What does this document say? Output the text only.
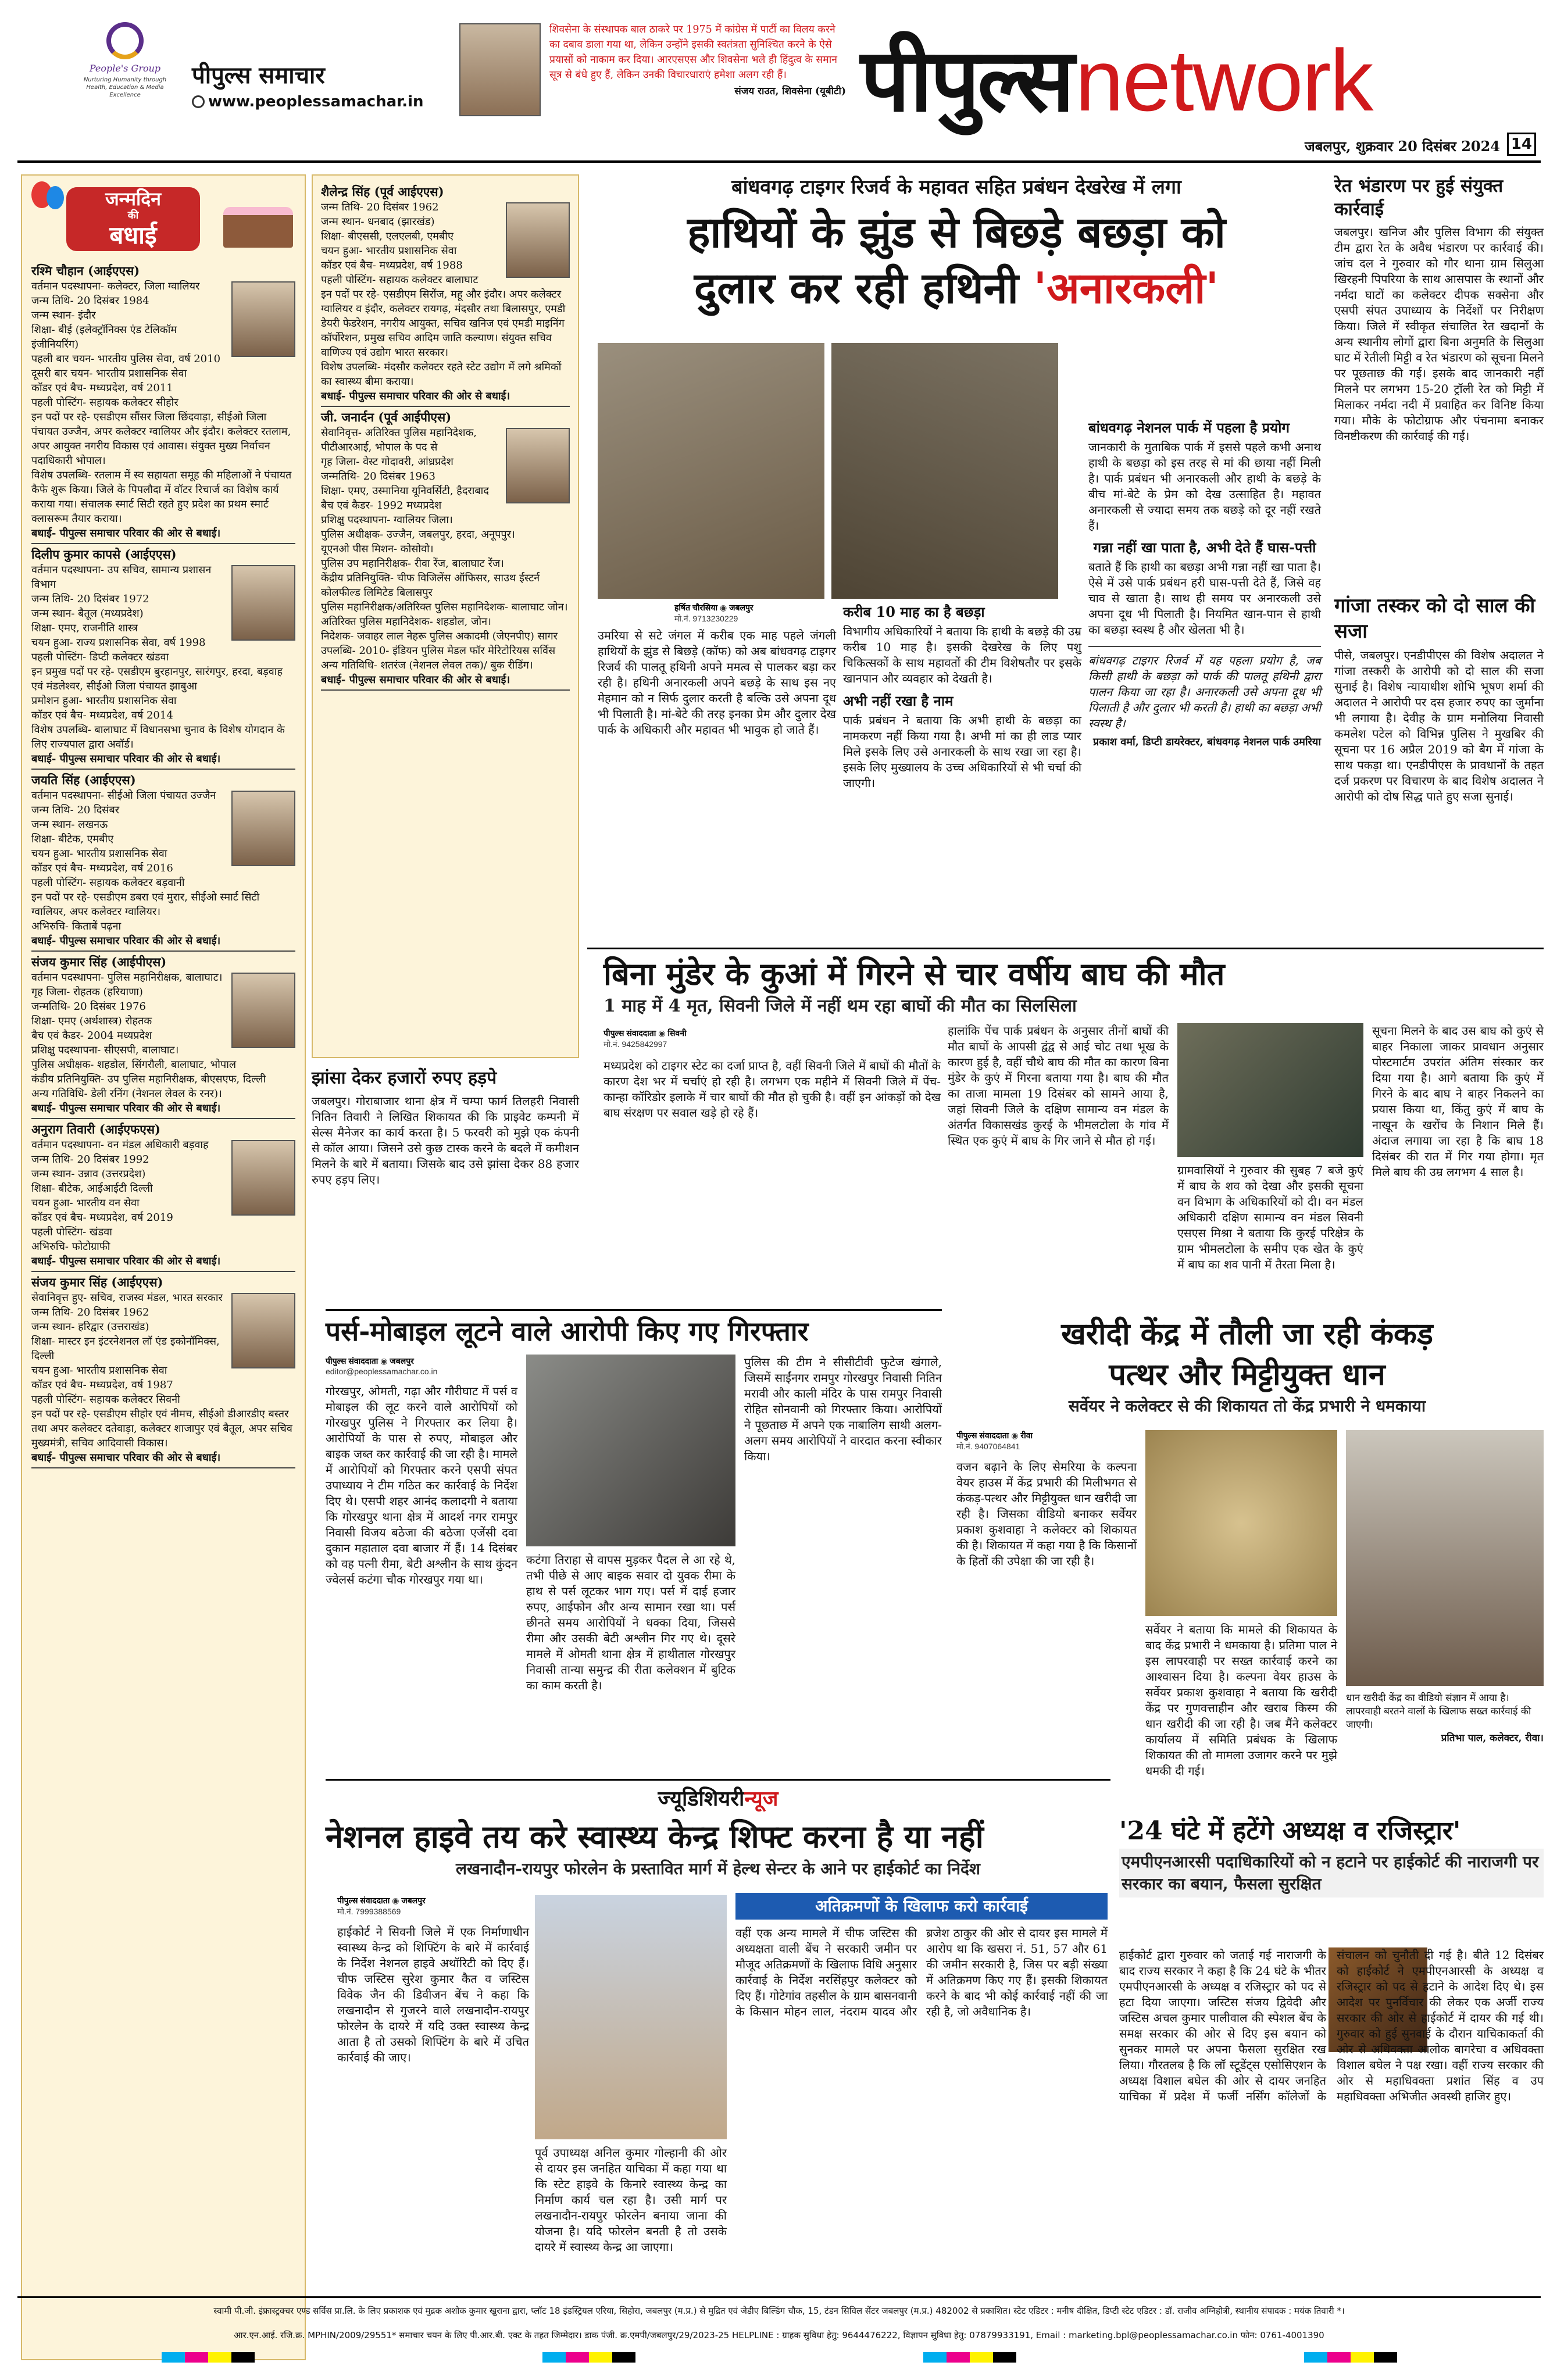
People's Group
Nurturing Humanity through Health, Education & Media Excellence
पीपुल्स समाचार
www.peoplessamachar.in
शिवसेना के संस्थापक बाल ठाकरे पर 1975 में कांग्रेस में पार्टी का विलय करने का दबाव डाला गया था, लेकिन उन्होंने इसकी स्वतंत्रता सुनिश्चित करने के ऐसे प्रयासों को नाकाम कर दिया। आरएसएस और शिवसेना भले ही हिंदुत्व के समान सूत्र से बंधे हुए हैं, लेकिन उनकी विचारधाराएं हमेशा अलग रही हैं।
संजय राउत, शिवसेना (यूबीटी) पीपुल्स network
जबलपुर, शुक्रवार 20 दिसंबर 2024 14
जन्मदिन
की
बधाई
रश्मि चौहान (आईएएस)
वर्तमान पदस्थापना- कलेक्टर, जिला ग्वालियर
जन्म तिथि- 20 दिसंबर 1984
जन्म स्थान- इंदौर
शिक्षा- बीई (इलेक्ट्रॉनिक्स एंड टेलिकॉम इंजीनियरिंग)
पहली बार चयन- भारतीय पुलिस सेवा, वर्ष 2010
दूसरी बार चयन- भारतीय प्रशासनिक सेवा
कॉडर एवं बैच- मध्यप्रदेश, वर्ष 2011
पहली पोस्टिंग- सहायक कलेक्टर सीहोर
इन पदों पर रहे- एसडीएम सौंसर जिला छिंदवाड़ा, सीईओ जिला पंचायत उज्जैन, अपर कलेक्टर ग्वालियर और इंदौर। कलेक्टर रतलाम, अपर आयुक्त नगरीय विकास एवं आवास। संयुक्त मुख्य निर्वाचन पदाधिकारी भोपाल।
विशेष उपलब्धि- रतलाम में स्व सहायता समूह की महिलाओं ने पंचायत कैफे शुरू किया। जिले के पिपलौदा में वॉटर रिचार्ज का विशेष कार्य कराया गया। संचालक स्मार्ट सिटी रहते हुए प्रदेश का प्रथम स्मार्ट क्लासरूम तैयार कराया।
बधाई- पीपुल्स समाचार परिवार की ओर से बधाई।
दिलीप कुमार कापसे (आईएएस)
वर्तमान पदस्थापना- उप सचिव, सामान्य प्रशासन विभाग
जन्म तिथि- 20 दिसंबर 1972
जन्म स्थान- बैतूल (मध्यप्रदेश)
शिक्षा- एमए, राजनीति शास्त्र
चयन हुआ- राज्य प्रशासनिक सेवा, वर्ष 1998
पहली पोस्टिंग- डिप्टी कलेक्टर खंडवा
इन प्रमुख पदों पर रहे- एसडीएम बुरहानपुर, सारंगपुर, हरदा, बड़वाह एवं मंडलेश्वर, सीईओ जिला पंचायत झाबुआ
प्रमोशन हुआ- भारतीय प्रशासनिक सेवा
कॉडर एवं बैच- मध्यप्रदेश, वर्ष 2014
विशेष उपलब्धि- बालाघाट में विधानसभा चुनाव के विशेष योगदान के लिए राज्यपाल द्वारा अवॉर्ड।
बधाई- पीपुल्स समाचार परिवार की ओर से बधाई।
जयति सिंह (आईएएस)
वर्तमान पदस्थापना- सीईओ जिला पंचायत उज्जैन
जन्म तिथि- 20 दिसंबर
जन्म स्थान- लखनऊ
शिक्षा- बीटेक, एमबीए
चयन हुआ- भारतीय प्रशासनिक सेवा
कॉडर एवं बैच- मध्यप्रदेश, वर्ष 2016
पहली पोस्टिंग- सहायक कलेक्टर बड़वानी
इन पदों पर रहे- एसडीएम डबरा एवं मुरार, सीईओ स्मार्ट सिटी ग्वालियर, अपर कलेक्टर ग्वालियर।
अभिरुचि- किताबें पढ़ना
बधाई- पीपुल्स समाचार परिवार की ओर से बधाई।
संजय कुमार सिंह (आईपीएस)
वर्तमान पदस्थापना- पुलिस महानिरीक्षक, बालाघाट।
गृह जिला- रोहतक (हरियाणा)
जन्मतिथि- 20 दिसंबर 1976
शिक्षा- एमए (अर्थशास्त्र) रोहतक
बैच एवं कैडर- 2004 मध्यप्रदेश
प्रशिक्षु पदस्थापना- सीएसपी, बालाघाट।
पुलिस अधीक्षक- शहडोल, सिंगरौली, बालाघाट, भोपाल
कंडीय प्रतिनियुक्ति- उप पुलिस महानिरीक्षक, बीएसएफ, दिल्ली
अन्य गतिविधि- डेली रनिंग (नेशनल लेवल के रनर)।
बधाई- पीपुल्स समाचार परिवार की ओर से बधाई।
अनुराग तिवारी (आईएफएस)
वर्तमान पदस्थापना- वन मंडल अधिकारी बड़वाह
जन्म तिथि- 20 दिसंबर 1992
जन्म स्थान- उन्नाव (उत्तरप्रदेश)
शिक्षा- बीटेक, आईआईटी दिल्ली
चयन हुआ- भारतीय वन सेवा
कॉडर एवं बैच- मध्यप्रदेश, वर्ष 2019
पहली पोस्टिंग- खंडवा
अभिरुचि- फोटोग्राफी
बधाई- पीपुल्स समाचार परिवार की ओर से बधाई।
संजय कुमार सिंह (आईएएस)
सेवानिवृत्त हुए- सचिव, राजस्व मंडल, भारत सरकार
जन्म तिथि- 20 दिसंबर 1962
जन्म स्थान- हरिद्वार (उत्तराखंड)
शिक्षा- मास्टर इन इंटरनेशनल लॉ एंड इकोनॉमिक्स, दिल्ली
चयन हुआ- भारतीय प्रशासनिक सेवा
कॉडर एवं बैच- मध्यप्रदेश, वर्ष 1987
पहली पोस्टिंग- सहायक कलेक्टर सिवनी
इन पदों पर रहे- एसडीएम सीहोर एवं नीमच, सीईओ डीआरडीए बस्तर तथा अपर कलेक्टर दतेवाड़ा, कलेक्टर शाजापुर एवं बैतूल, अपर सचिव मुख्यमंत्री, सचिव आदिवासी विकास।
बधाई- पीपुल्स समाचार परिवार की ओर से बधाई।
शैलेन्द्र सिंह (पूर्व आईएएस)
जन्म तिथि- 20 दिसंबर 1962
जन्म स्थान- धनबाद (झारखंड)
शिक्षा- बीएससी, एलएलबी, एमबीए
चयन हुआ- भारतीय प्रशासनिक सेवा
कॉडर एवं बैच- मध्यप्रदेश, वर्ष 1988
पहली पोस्टिंग- सहायक कलेक्टर बालाघाट
इन पदों पर रहे- एसडीएम सिरोंज, महू और इंदौर। अपर कलेक्टर ग्वालियर व इंदौर, कलेक्टर रायगढ़, मंदसौर तथा बिलासपुर, एमडी डेयरी फेडरेशन, नगरीय आयुक्त, सचिव खनिज एवं एमडी माइनिंग कॉर्पोरेशन, प्रमुख सचिव आदिम जाति कल्याण। संयुक्त सचिव वाणिज्य एवं उद्योग भारत सरकार।
विशेष उपलब्धि- मंदसौर कलेक्टर रहते स्टेट उद्योग में लगे श्रमिकों का स्वास्थ्य बीमा कराया।
बधाई- पीपुल्स समाचार परिवार की ओर से बधाई।
जी. जनार्दन (पूर्व आईपीएस)
सेवानिवृत्त- अतिरिक्त पुलिस महानिदेशक, पीटीआरआई, भोपाल के पद से
गृह जिला- वेस्ट गोदावरी, आंध्रप्रदेश
जन्मतिथि- 20 दिसंबर 1963
शिक्षा- एमए, उस्मानिया यूनिवर्सिटी, हैदराबाद
बैच एवं कैडर- 1992 मध्यप्रदेश
प्रशिक्षु पदस्थापना- ग्वालियर जिला।
पुलिस अधीक्षक- उज्जैन, जबलपुर, हरदा, अनूपपुर।
यूएनओ पीस मिशन- कोसोवो।
पुलिस उप महानिरीक्षक- रीवा रेंज, बालाघाट रेंज।
केंद्रीय प्रतिनियुक्ति- चीफ विजिलेंस ऑफिसर, साउथ ईस्टर्न कोलफील्ड लिमिटेड बिलासपुर
पुलिस महानिरीक्षक/अतिरिक्त पुलिस महानिदेशक- बालाघाट जोन।
अतिरिक्त पुलिस महानिदेशक- शहडोल, जोन।
निदेशक- जवाहर लाल नेहरू पुलिस अकादमी (जेएनपीए) सागर
उपलब्धि- 2010- इंडियन पुलिस मेडल फॉर मेरिटोरियस सर्विस
अन्य गतिविधि- शतरंज (नेशनल लेवल तक)/ बुक रीडिंग।
बधाई- पीपुल्स समाचार परिवार की ओर से बधाई।
झांसा देकर हजारों रुपए हड़पे

जबलपुर। गोराबाजार थाना क्षेत्र में चम्पा फार्म तिलहरी निवासी नितिन तिवारी ने लिखित शिकायत की कि प्राइवेट कम्पनी में सेल्स मैनेजर का कार्य करता है। 5 फरवरी को मुझे एक कंपनी से कॉल आया। जिसने उसे कुछ टास्क करने के बदले में कमीशन मिलने के बारे में बताया। जिसके बाद उसे झांसा देकर 88 हजार रुपए हड़प लिए।

बांधवगढ़ टाइगर रिजर्व के महावत सहित प्रबंधन देखरेख में लगा
हाथियों के झुंड से बिछड़े बछड़ा को
दुलार कर रही हथिनी 'अनारकली'
हर्षित चौरसिया ◉ जबलपुर
मो.नं. 9713230229

उमरिया से सटे जंगल में करीब एक माह पहले जंगली हाथियों के झुंड से बिछड़े (कॉफ) को अब बांधवगढ़ टाइगर रिजर्व की पालतू हथिनी अपने ममत्व से पालकर बड़ा कर रही है। हथिनी अनारकली अपने बछड़े के साथ इस नए मेहमान को न सिर्फ दुलार करती है बल्कि उसे अपना दूध भी पिलाती है। मां-बेटे की तरह इनका प्रेम और दुलार देख पार्क के अधिकारी और महावत भी भावुक हो जाते हैं।

करीब 10 माह का है बछड़ा

विभागीय अधिकारियों ने बताया कि हाथी के बछड़े की उम्र करीब 10 माह है। इसकी देखरेख के लिए पशु चिकित्सकों के साथ महावतों की टीम विशेषतौर पर इसके खानपान और व्यवहार को देखती है।

अभी नहीं रखा है नाम

पार्क प्रबंधन ने बताया कि अभी हाथी के बछड़ा का नामकरण नहीं किया गया है। अभी मां का ही लाड प्यार मिले इसके लिए उसे अनारकली के साथ रखा जा रहा है। इसके लिए मुख्यालय के उच्च अधिकारियों से भी चर्चा की जाएगी।

बांधवगढ़ नेशनल पार्क में पहला है प्रयोग

जानकारी के मुताबिक पार्क में इससे पहले कभी अनाथ हाथी के बछड़ा को इस तरह से मां की छाया नहीं मिली है। पार्क प्रबंधन भी अनारकली और हाथी के बछड़े के बीच मां-बेटे के प्रेम को देख उत्साहित है। महावत अनारकली से ज्यादा समय तक बछड़े को दूर नहीं रखते हैं।

गन्ना नहीं खा पाता है, अभी देते हैं घास-पत्ती

बताते हैं कि हाथी का बछड़ा अभी गन्ना नहीं खा पाता है। ऐसे में उसे पार्क प्रबंधन हरी घास-पत्ती देते हैं, जिसे वह चाव से खाता है। साथ ही समय पर अनारकली उसे अपना दूध भी पिलाती है। नियमित खान-पान से हाथी का बछड़ा स्वस्थ है और खेलता भी है।

बांधवगढ़ टाइगर रिजर्व में यह पहला प्रयोग है, जब किसी हाथी के बछड़ा को पार्क की पालतू हथिनी द्वारा पालन किया जा रहा है। अनारकली उसे अपना दूध भी पिलाती है और दुलार भी करती है। हाथी का बछड़ा अभी स्वस्थ है।

प्रकाश वर्मा, डिप्टी डायरेक्टर, बांधवगढ़ नेशनल पार्क उमरिया
रेत भंडारण पर हुई संयुक्त कार्रवाई

जबलपुर। खनिज और पुलिस विभाग की संयुक्त टीम द्वारा रेत के अवैध भंडारण पर कार्रवाई की। जांच दल ने गुरुवार को गौर थाना ग्राम सिलुआ खिरहनी पिपरिया के साथ आसपास के स्थानों और नर्मदा घाटों का कलेक्टर दीपक सक्सेना और एसपी संपत उपाध्याय के निर्देशों पर निरीक्षण किया। जिले में स्वीकृत संचालित रेत खदानों के अन्य स्थानीय लोगों द्वारा बिना अनुमति के सिलुआ घाट में रेतीली मिट्टी व रेत भंडारण को सूचना मिलने पर पूछताछ की गई। इसके बाद जानकारी नहीं मिलने पर लगभग 15-20 ट्रॉली रेत को मिट्टी में मिलाकर नर्मदा नदी में प्रवाहित कर विनिष्ट किया गया। मौके के फोटोग्राफ और पंचनामा बनाकर विनष्टीकरण की कार्रवाई की गई।

गांजा तस्कर को दो साल की सजा

पीसे, जबलपुर। एनडीपीएस की विशेष अदालत ने गांजा तस्करी के आरोपी को दो साल की सजा सुनाई है। विशेष न्यायाधीश शोभि भूषण शर्मा की अदालत ने आरोपी पर दस हजार रुपए का जुर्माना भी लगाया है। देवीह के ग्राम मनोलिया निवासी कमलेश पटेल को विभिन्न पुलिस ने मुखबिर की सूचना पर 16 अप्रैल 2019 को बैग में गांजा के साथ पकड़ा था। एनडीपीएस के प्रावधानों के तहत दर्ज प्रकरण पर विचारण के बाद विशेष अदालत ने आरोपी को दोष सिद्ध पाते हुए सजा सुनाई।

बिना मुंडेर के कुआं में गिरने से चार वर्षीय बाघ की मौत
1 माह में 4 मृत, सिवनी जिले में नहीं थम रहा बाघों की मौत का सिलसिला
पीपुल्स संवाददाता ◉ सिवनी
मो.नं. 9425842997

मध्यप्रदेश को टाइगर स्टेट का दर्जा प्राप्त है, वहीं सिवनी जिले में बाघों की मौतों के कारण देश भर में चर्चाएं हो रही है। लगभग एक महीने में सिवनी जिले में पेंच-कान्हा कॉरिडोर इलाके में चार बाघों की मौत हो चुकी है। वहीं इन आंकड़ों को देख बाघ संरक्षण पर सवाल खड़े हो रहे हैं।

हालांकि पेंच पार्क प्रबंधन के अनुसार तीनों बाघों की मौत बाघों के आपसी द्वंद्व से आई चोट तथा भूख के कारण हुई है, वहीं चौथे बाघ की मौत का कारण बिना मुंडेर के कुएं में गिरना बताया गया है। बाघ की मौत का ताजा मामला 19 दिसंबर को सामने आया है, जहां सिवनी जिले के दक्षिण सामान्य वन मंडल के अंतर्गत विकासखंड कुरई के भीमलटोला के गांव में स्थित एक कुएं में बाघ के गिर जाने से मौत हो गई।

ग्रामवासियों ने गुरुवार की सुबह 7 बजे कुएं में बाघ के शव को देखा और इसकी सूचना वन विभाग के अधिकारियों को दी। वन मंडल अधिकारी दक्षिण सामान्य वन मंडल सिवनी एसएस मिश्रा ने बताया कि कुरई परिक्षेत्र के ग्राम भीमलटोला के समीप एक खेत के कुएं में बाघ का शव पानी में तैरता मिला है।

सूचना मिलने के बाद उस बाघ को कुएं से बाहर निकाला जाकर प्रावधान अनुसार पोस्टमार्टम उपरांत अंतिम संस्कार कर दिया गया है। आगे बताया कि कुएं में गिरने के बाद बाघ ने बाहर निकलने का प्रयास किया था, किंतु कुएं में बाघ के नाखून के खरोंच के निशान मिले हैं। अंदाज लगाया जा रहा है कि बाघ 18 दिसंबर की रात में गिर गया होगा। मृत मिले बाघ की उम्र लगभग 4 साल है।

पर्स-मोबाइल लूटने वाले आरोपी किए गए गिरफ्तार
पीपुल्स संवाददाता ◉ जबलपुर
editor@peoplessamachar.co.in

गोरखपुर, ओमती, गढ़ा और गौरीघाट में पर्स व मोबाइल की लूट करने वाले आरोपियों को गोरखपुर पुलिस ने गिरफ्तार कर लिया है। आरोपियों के पास से रुपए, मोबाइल और बाइक जब्त कर कार्रवाई की जा रही है। मामले में आरोपियों को गिरफ्तार करने एसपी संपत उपाध्याय ने टीम गठित कर कार्रवाई के निर्देश दिए थे। एसपी शहर आनंद कलादगी ने बताया कि गोरखपुर थाना क्षेत्र में आदर्श नगर रामपुर निवासी विजय बठेजा की बठेजा एजेंसी दवा दुकान महाताल दवा बाजार में हैं। 14 दिसंबर को वह पत्नी रीमा, बेटी अश्लीन के साथ कुंदन ज्वेलर्स कटंगा चौक गोरखपुर गया था।

कटंगा तिराहा से वापस मुड़कर पैदल ले आ रहे थे, तभी पीछे से आए बाइक सवार दो युवक रीमा के हाथ से पर्स लूटकर भाग गए। पर्स में दाई हजार रुपए, आईफोन और अन्य सामान रखा था। पर्स छीनते समय आरोपियों ने धक्का दिया, जिससे रीमा और उसकी बेटी अश्लीन गिर गए थे। दूसरे मामले में ओमती थाना क्षेत्र में हाथीताल गोरखपुर निवासी तान्या समुन्द्र की रीता कलेक्शन में बुटिक का काम करती है।

पुलिस की टीम ने सीसीटीवी फुटेज खंगाले, जिसमें साईंनगर रामपुर गोरखपुर निवासी नितिन मरावी और काली मंदिर के पास रामपुर निवासी रोहित सोनवानी को गिरफ्तार किया। आरोपियों ने पूछताछ में अपने एक नाबालिग साथी अलग-अलग समय आरोपियों ने वारदात करना स्वीकार किया।

खरीदी केंद्र में तौली जा रही कंकड़
पत्थर और मिट्टीयुक्त धान
सर्वेयर ने कलेक्टर से की शिकायत तो केंद्र प्रभारी ने धमकाया
पीपुल्स संवाददाता ◉ रीवा
मो.नं. 9407064841

वजन बढ़ाने के लिए सेमरिया के कल्पना वेयर हाउस में केंद्र प्रभारी की मिलीभगत से कंकड़-पत्थर और मिट्टीयुक्त धान खरीदी जा रही है। जिसका वीडियो बनाकर सर्वेयर प्रकाश कुशवाहा ने कलेक्टर को शिकायत की है। शिकायत में कहा गया है कि किसानों के हितों की उपेक्षा की जा रही है।

सर्वेयर ने बताया कि मामले की शिकायत के बाद केंद्र प्रभारी ने धमकाया है। प्रतिमा पाल ने इस लापरवाही पर सख्त कार्रवाई करने का आश्वासन दिया है। कल्पना वेयर हाउस के सर्वेयर प्रकाश कुशवाहा ने बताया कि खरीदी केंद्र पर गुणवत्ताहीन और खराब किस्म की धान खरीदी की जा रही है। जब मैंने कलेक्टर कार्यालय में समिति प्रबंधक के खिलाफ शिकायत की तो मामला उजागर करने पर मुझे धमकी दी गई।

धान खरीदी केंद्र का वीडियो संज्ञान में आया है। लापरवाही बरतने वालों के खिलाफ सख्त कार्रवाई की जाएगी।
प्रतिभा पाल, कलेक्टर, रीवा।
ज्यूडिशियरीन्यूज
नेशनल हाइवे तय करे स्वास्थ्य केन्द्र शिफ्ट करना है या नहीं
लखनादौन-रायपुर फोरलेन के प्रस्तावित मार्ग में हेल्थ सेन्टर के आने पर हाईकोर्ट का निर्देश
पीपुल्स संवाददाता ◉ जबलपुर
मो.नं. 7999388569

हाईकोर्ट ने सिवनी जिले में एक निर्माणाधीन स्वास्थ्य केन्द्र को शिफ्टिंग के बारे में कार्रवाई के निर्देश नेशनल हाइवे अथॉरिटी को दिए हैं। चीफ जस्टिस सुरेश कुमार कैत व जस्टिस विवेक जैन की डिवीजन बेंच ने कहा कि लखनादौन से गुजरने वाले लखनादौन-रायपुर फोरलेन के दायरे में यदि उक्त स्वास्थ्य केन्द्र आता है तो उसको शिफ्टिंग के बारे में उचित कार्रवाई की जाए।

पूर्व उपाध्यक्ष अनिल कुमार गोल्हानी की ओर से दायर इस जनहित याचिका में कहा गया था कि स्टेट हाइवे के किनारे स्वास्थ्य केन्द्र का निर्माण कार्य चल रहा है। उसी मार्ग पर लखनादौन-रायपुर फोरलेन बनाया जाना की योजना है। यदि फोरलेन बनती है तो उसके दायरे में स्वास्थ्य केन्द्र आ जाएगा।

अतिक्रमणों के खिलाफ करो कार्रवाई

वहीं एक अन्य मामले में चीफ जस्टिस की अध्यक्षता वाली बेंच ने सरकारी जमीन पर मौजूद अतिक्रमणों के खिलाफ विधि अनुसार कार्रवाई के निर्देश नरसिंहपुर कलेक्टर को दिए हैं। गोटेगांव तहसील के ग्राम बासनवानी के किसान मोहन लाल, नंदराम यादव और ब्रजेश ठाकुर की ओर से दायर इस मामले में आरोप था कि खसरा नं. 51, 57 और 61 की जमीन सरकारी है, जिस पर बड़ी संख्या में अतिक्रमण किए गए हैं। इसकी शिकायत करने के बाद भी कोई कार्रवाई नहीं की जा रही है, जो अवैधानिक है।

'24 घंटे में हटेंगे अध्यक्ष व रजिस्ट्रार'
एमपीएनआरसी पदाधिकारियों को न हटाने पर हाईकोर्ट की नाराजगी पर सरकार का बयान, फैसला सुरक्षित

हाईकोर्ट द्वारा गुरुवार को जताई गई नाराजगी के बाद राज्य सरकार ने कहा है कि 24 घंटे के भीतर एमपीएनआरसी के अध्यक्ष व रजिस्ट्रार को पद से हटा दिया जाएगा। जस्टिस संजय द्विवेदी और जस्टिस अचल कुमार पालीवाल की स्पेशल बेंच के समक्ष सरकार की ओर से दिए इस बयान को सुनकर मामले पर अपना फैसला सुरक्षित रख लिया। गौरतलब है कि लॉ स्टूडेंट्स एसोसिएशन के अध्यक्ष विशाल बघेल की ओर से दायर जनहित याचिका में प्रदेश में फर्जी नर्सिंग कॉलेजों के संचालन को चुनौती दी गई है। बीते 12 दिसंबर को हाईकोर्ट ने एमपीएनआरसी के अध्यक्ष व रजिस्ट्रार को पद से हटाने के आदेश दिए थे। इस आदेश पर पुनर्विचार की लेकर एक अर्जी राज्य सरकार की ओर से हाईकोर्ट में दायर की गई थी। गुरुवार को हुई सुनवाई के दौरान याचिकाकर्ता की ओर से अधिवक्ता आलोक बागरेचा व अधिवक्ता विशाल बघेल ने पक्ष रखा। वहीं राज्य सरकार की ओर से महाधिवक्ता प्रशांत सिंह व उप महाधिवक्ता अभिजीत अवस्थी हाजिर हुए।

स्वामी पी.जी. इंफ्रास्ट्रक्चर एण्ड सर्विस प्रा.लि. के लिए प्रकाशक एवं मुद्रक अशोक कुमार खुराना द्वारा, प्लॉट 18 इंडस्ट्रियल एरिया, सिहोरा, जबलपुर (म.प्र.) से मुद्रित एवं जेडीए बिल्डिंग चौक, 15, टंडन सिविल सेंटर जबलपुर (म.प्र.) 482002 से प्रकाशित। स्टेट एडिटर : मनीष दीक्षित, डिप्टी स्टेट एडिटर : डॉ. राजीव अग्निहोत्री, स्थानीय संपादक : मयंक तिवारी *।
आर.एन.आई. रजि.क्र. MPHIN/2009/29551* समाचार चयन के लिए पी.आर.बी. एक्ट के तहत जिम्मेदार। डाक पंजी. क्र.एमपी/जबलपुर/29/2023-25 HELPLINE : ग्राहक सुविधा हेतु: 9644476222, विज्ञापन सुविधा हेतु: 07879933191, Email : marketing.bpl@peoplessamachar.co.in फोन: 0761-4001390
